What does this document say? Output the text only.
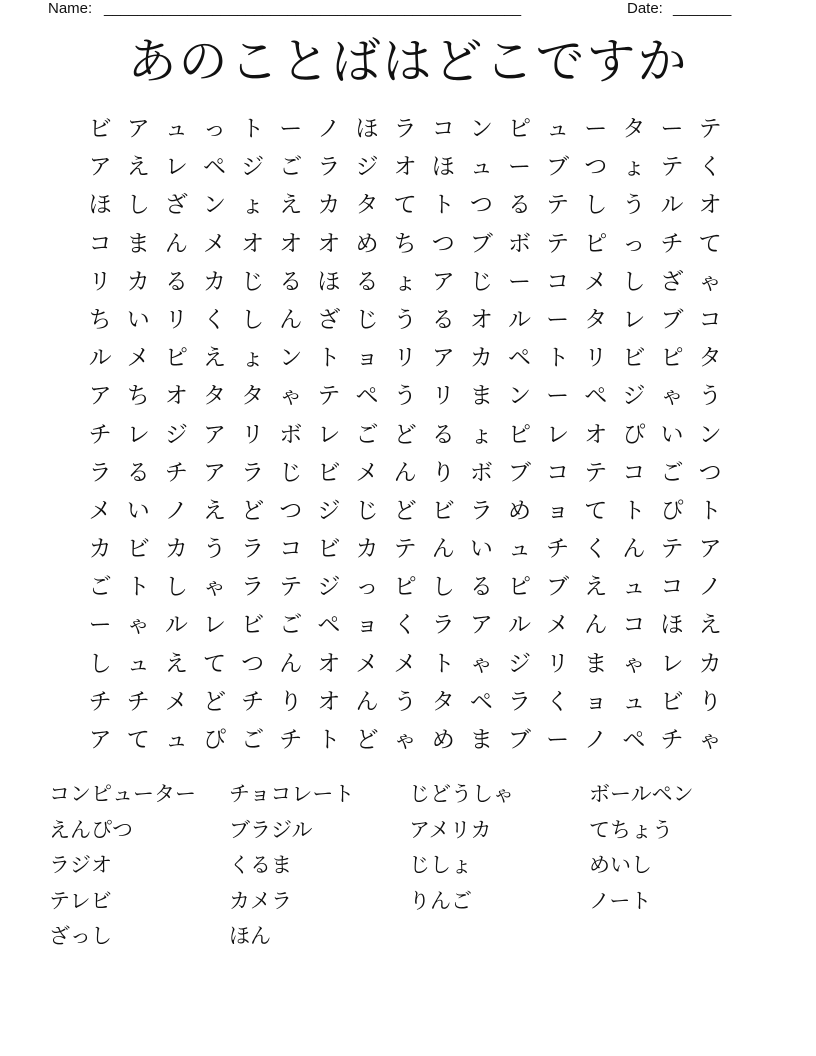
Name: __________________________________________________	Date: _______
あのことばはどこですか
ビ ア ュ っ ト ー ノ ほ ラ コ ン ピ ュ ー タ ー テ
ア え レ ペ ジ ご ラ ジ オ ほ ュ ー ブ つ ょ テ く
ほ し ざ ン ょ え カ タ て ト つ る テ し う ル オ
コ ま ん メ オ オ オ め ち つ ブ ボ テ ピ っ チ て
リ カ る カ じ る ほ る ょ ア じ ー コ メ し ざ ゃ
ち い リ く し ん ざ じ う る オ ル ー タ レ ブ コ
ル メ ピ え ょ ン ト ョ リ ア カ ペ ト リ ビ ピ タ
ア ち オ タ タ ゃ テ ペ う リ ま ン ー ペ ジ ゃ う
チ レ ジ ア リ ボ レ ご ど る ょ ピ レ オ ぴ い ン
ラ る チ ア ラ じ ビ メ ん り ボ ブ コ テ コ ご つ
メ い ノ え ど つ ジ じ ど ビ ラ め ョ て ト ぴ ト
カ ビ カ う ラ コ ビ カ テ ん い ュ チ く ん テ ア
ご ト し ゃ ラ テ ジ っ ピ し る ピ ブ え ュ コ ノ
ー ゃ ル レ ビ ご ペ ョ く ラ ア ル メ ん コ ほ え
し ュ え て つ ん オ メ メ ト ゃ ジ リ ま ゃ レ カ
チ チ メ ど チ り オ ん う タ ペ ラ く ョ ュ ビ り
ア て ュ ぴ ご チ ト ど ゃ め ま ブ ー ノ ペ チ ゃ
コンピューター チョコレート	じどうしゃ	ボールペン
えんぴつ	ブラジル	アメリカ	てちょう
ラジオ	くるま	じしょ	めいし
テレビ	カメラ	りんご	ノート
ざっし	ほん
